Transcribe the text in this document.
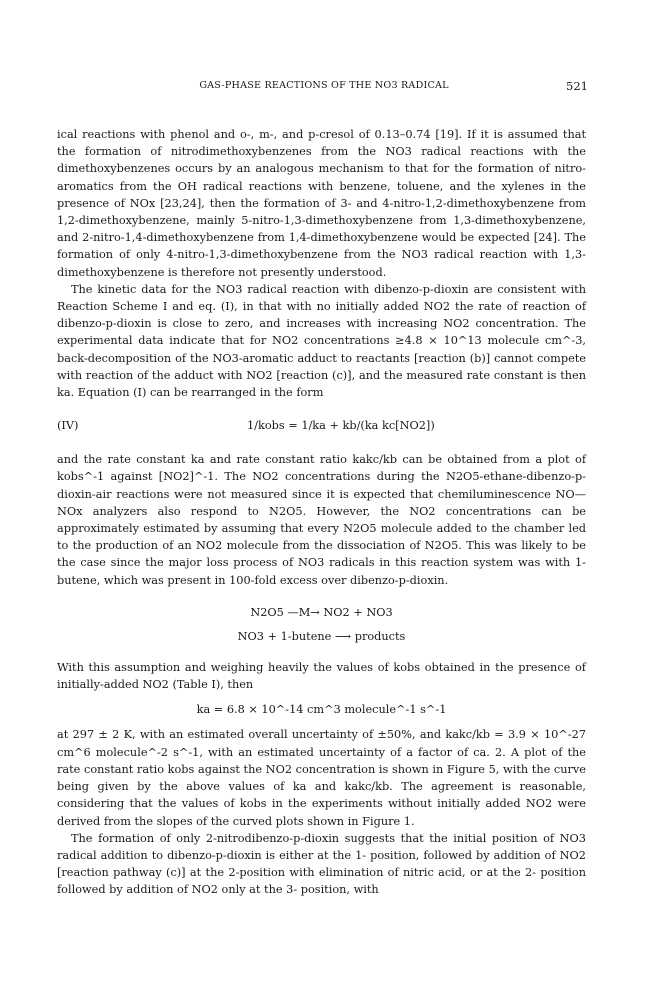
GAS-PHASE REACTIONS OF THE NO3 RADICAL	521

ical reactions with phenol and o-, m-, and p-cresol of 0.13–0.74 [19]. If it is assumed that the formation of nitrodimethoxybenzenes from the NO3 radical reactions with the dimethoxybenzenes occurs by an analogous mechanism to that for the formation of nitro-aromatics from the OH radical reactions with benzene, toluene, and the xylenes in the presence of NOx [23,24], then the formation of 3- and 4-nitro-1,2-dimethoxybenzene from 1,2-dimethoxybenzene, mainly 5-nitro-1,3-dimethoxybenzene from 1,3-dimethoxybenzene, and 2-nitro-1,4-dimethoxybenzene from 1,4-dimethoxybenzene would be expected [24]. The formation of only 4-nitro-1,3-dimethoxybenzene from the NO3 radical reaction with 1,3-dimethoxybenzene is therefore not presently understood.

The kinetic data for the NO3 radical reaction with dibenzo-p-dioxin are consistent with Reaction Scheme I and eq. (I), in that with no initially added NO2 the rate of reaction of dibenzo-p-dioxin is close to zero, and increases with increasing NO2 concentration. The experimental data indicate that for NO2 concentrations ≥4.8 × 10^13 molecule cm^-3, back-decomposition of the NO3-aromatic adduct to reactants [reaction (b)] cannot compete with reaction of the adduct with NO2 [reaction (c)], and the measured rate constant is then ka. Equation (I) can be rearranged in the form

(IV)	1/kobs = 1/ka + kb/(ka kc[NO2])

and the rate constant ka and rate constant ratio kakc/kb can be obtained from a plot of kobs^-1 against [NO2]^-1. The NO2 concentrations during the N2O5-ethane-dibenzo-p-dioxin-air reactions were not measured since it is expected that chemiluminescence NO—NOx analyzers also respond to N2O5. However, the NO2 concentrations can be approximately estimated by assuming that every N2O5 molecule added to the chamber led to the production of an NO2 molecule from the dissociation of N2O5. This was likely to be the case since the major loss process of NO3 radicals in this reaction system was with 1-butene, which was present in 100-fold excess over dibenzo-p-dioxin.

N2O5 —M→ NO2 + NO3
NO3 + 1-butene ⟶ products

With this assumption and weighing heavily the values of kobs obtained in the presence of initially-added NO2 (Table I), then

ka = 6.8 × 10^-14 cm^3 molecule^-1 s^-1

at 297 ± 2 K, with an estimated overall uncertainty of ±50%, and kakc/kb = 3.9 × 10^-27 cm^6 molecule^-2 s^-1, with an estimated uncertainty of a factor of ca. 2. A plot of the rate constant ratio kobs against the NO2 concentration is shown in Figure 5, with the curve being given by the above values of ka and kakc/kb. The agreement is reasonable, considering that the values of kobs in the experiments without initially added NO2 were derived from the slopes of the curved plots shown in Figure 1.

The formation of only 2-nitrodibenzo-p-dioxin suggests that the initial position of NO3 radical addition to dibenzo-p-dioxin is either at the 1- position, followed by addition of NO2 [reaction pathway (c)] at the 2-position with elimination of nitric acid, or at the 2- position followed by addition of NO2 only at the 3- position, with
